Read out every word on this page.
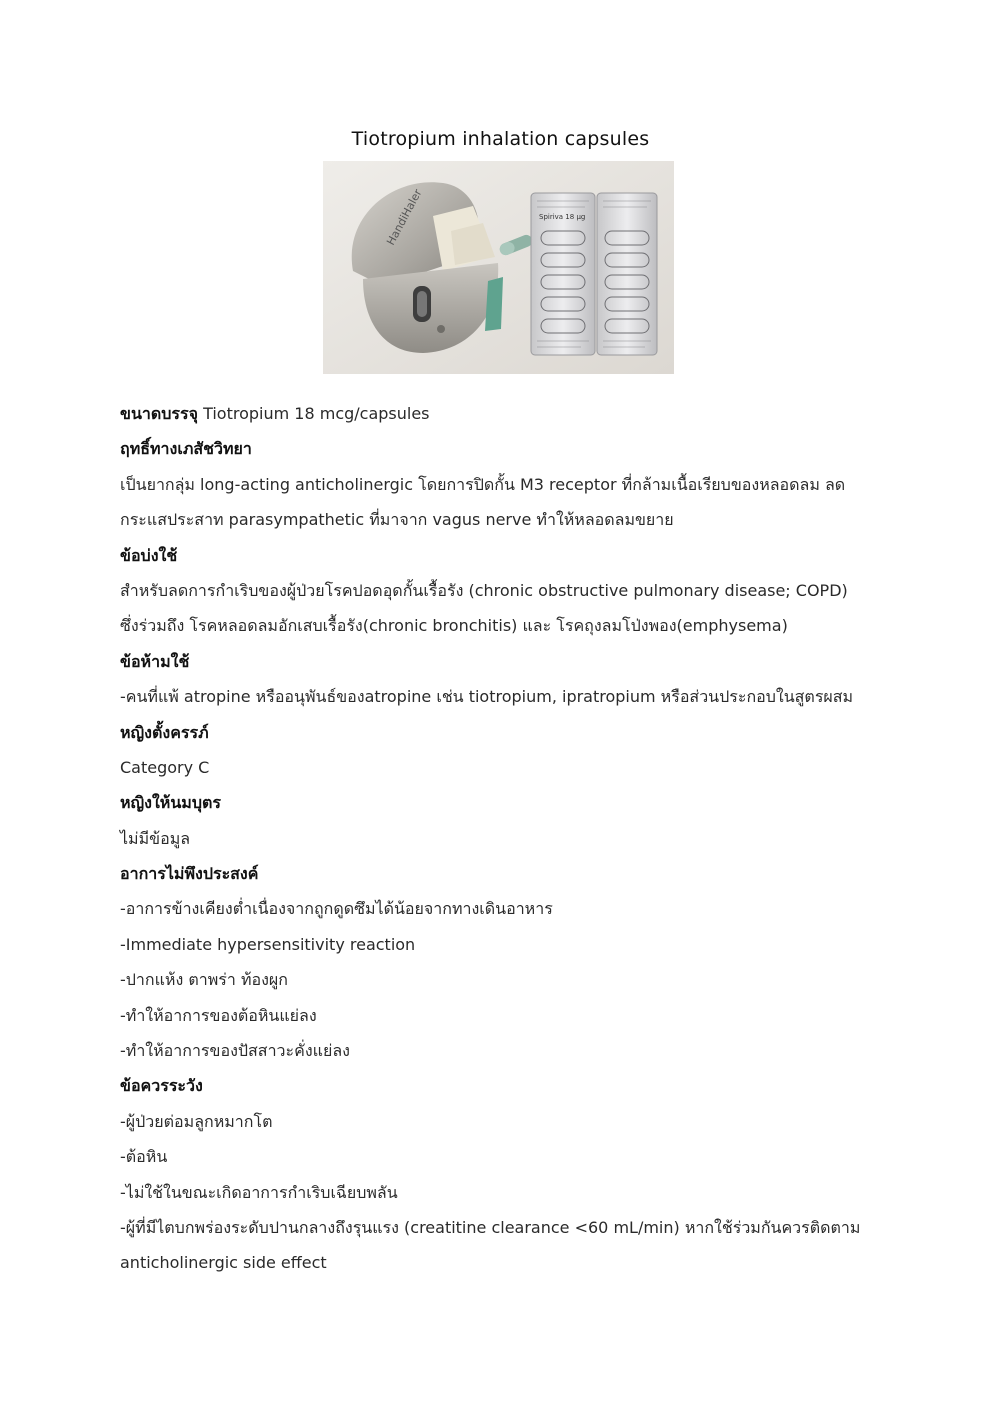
Tiotropium inhalation capsules
HandiHaler	Spiriva 18 μg
ขนาดบรรจุ Tiotropium 18 mcg/capsules
ฤทธิ์ทางเภสัชวิทยา
เป็นยากลุ่ม long-acting anticholinergic โดยการปิดกั้น M3 receptor ที่กล้ามเนื้อเรียบของหลอดลม ลด
กระแสประสาท parasympathetic ที่มาจาก vagus nerve ทำให้หลอดลมขยาย
ข้อบ่งใช้
สำหรับลดการกำเริบของผู้ป่วยโรคปอดอุดกั้นเรื้อรัง (chronic obstructive pulmonary disease; COPD)
ซึ่งร่วมถึง โรคหลอดลมอักเสบเรื้อรัง(chronic bronchitis) และ โรคถุงลมโป่งพอง(emphysema)
ข้อห้ามใช้
-คนที่แพ้ atropine หรืออนุพันธ์ของatropine เช่น tiotropium, ipratropium หรือส่วนประกอบในสูตรผสม
หญิงตั้งครรภ์
Category C
หญิงให้นมบุตร
ไม่มีข้อมูล
อาการไม่พึงประสงค์
-อาการข้างเคียงต่ำเนื่องจากถูกดูดซึมได้น้อยจากทางเดินอาหาร
-Immediate hypersensitivity reaction
-ปากแห้ง ตาพร่า ท้องผูก
-ทำให้อาการของต้อหินแย่ลง
-ทำให้อาการของปัสสาวะคั่งแย่ลง
ข้อควรระวัง
-ผู้ป่วยต่อมลูกหมากโต
-ต้อหิน
-ไม่ใช้ในขณะเกิดอาการกำเริบเฉียบพลัน
-ผู้ที่มีไตบกพร่องระดับปานกลางถึงรุนแรง (creatitine clearance <60 mL/min) หากใช้ร่วมกันควรติดตาม
anticholinergic side effect
